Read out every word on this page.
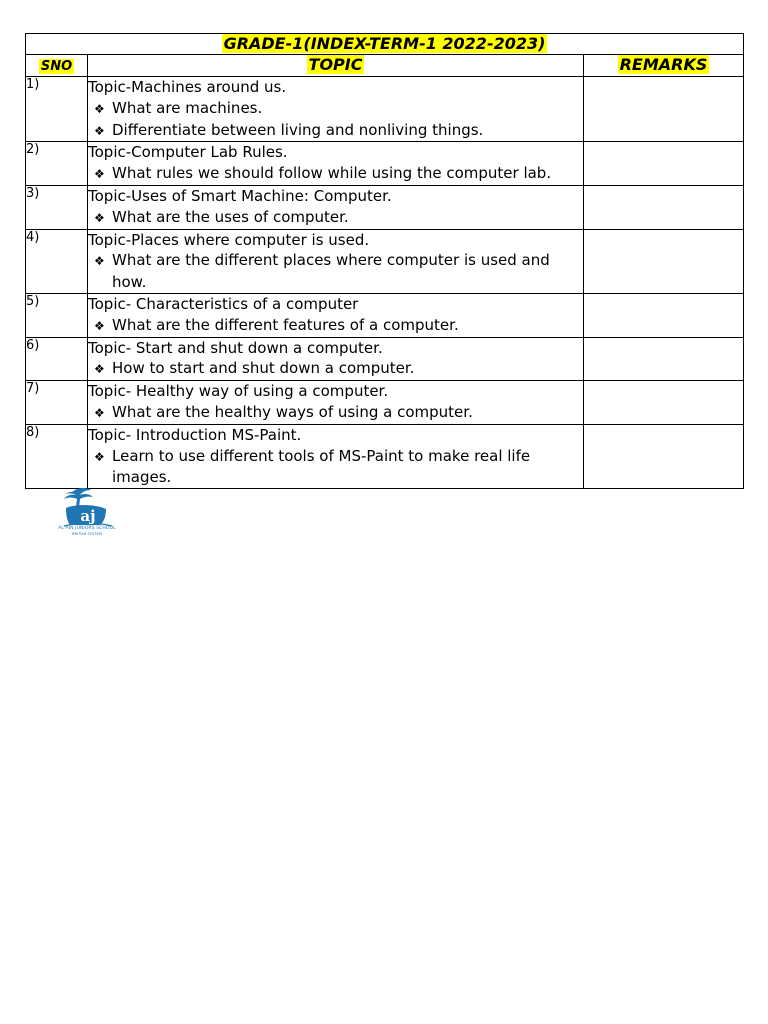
GRADE-1(INDEX-TERM-1 2022-2023)		
SNO	TOPIC	REMARKS
1)	Topic-Machines around us.
❖ What are machines.
❖ Differentiate between living and nonliving things.	

2)	Topic-Computer Lab Rules.
❖ What rules we should follow while using the computer lab.	

3)	Topic-Uses of Smart Machine: Computer.
❖ What are the uses of computer.	

4)	Topic-Places where computer is used.
❖ What are the different places where computer is used and how.	

5)	Topic- Characteristics of a computer
❖ What are the different features of a computer.	

6)	Topic- Start and shut down a computer.
❖ How to start and shut down a computer.	

7)	Topic- Healthy way of using a computer.
❖ What are the healthy ways of using a computer.	

8)	Topic- Introduction MS-Paint.
❖ Learn to use different tools of MS-Paint to make real life images.	

aj
AL AIN JUNIORS SCHOOL
BRITISH SYSTEM
